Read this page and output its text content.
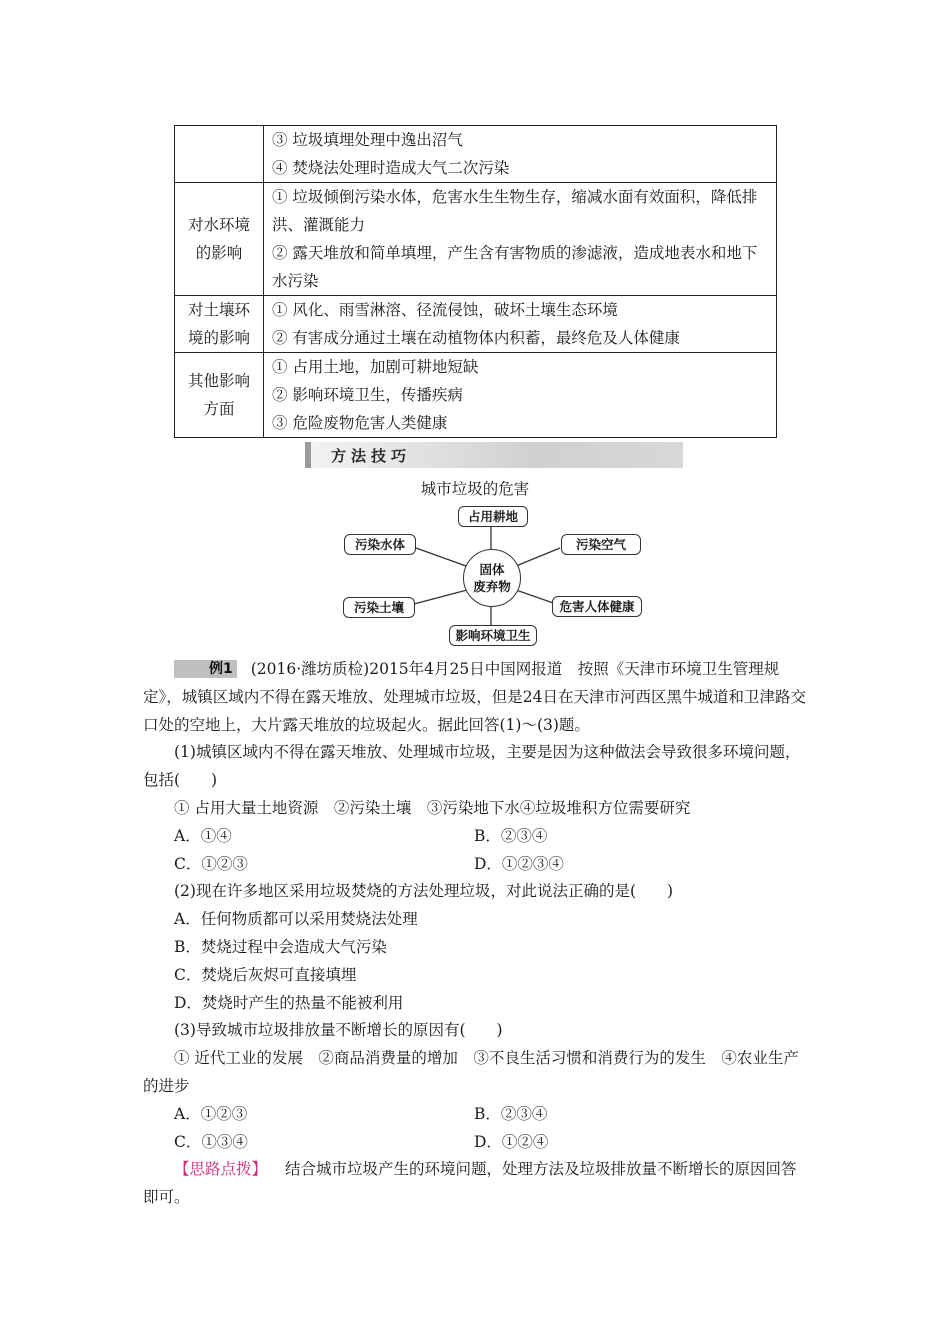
	③ 垃圾填埋处理中逸出沼气
④ 焚烧法处理时造成大气二次污染

对水环境的影响	① 垃圾倾倒污染水体，危害水生生物生存，缩减水面有效面积，降低排洪、灌溉能力
② 露天堆放和简单填埋，产生含有害物质的渗滤液，造成地表水和地下水污染

对土壤环境的影响	① 风化、雨雪淋溶、径流侵蚀，破坏土壤生态环境
② 有害成分通过土壤在动植物体内积蓄，最终危及人体健康

其他影响方面	① 占用土地，加剧可耕地短缺
② 影响环境卫生，传播疾病
③ 危险废物危害人类健康
方法技巧
城市垃圾的危害
占用耕地
污染水体	污染空气
污染土壤	危害人体健康
影响环境卫生
固体
废弃物
例1 (2016·潍坊质检)2015年4月25日中国网报道　按照《天津市环境卫生管理规定》，城镇区域内不得在露天堆放、处理城市垃圾，但是24日在天津市河西区黑牛城道和卫津路交口处的空地上，大片露天堆放的垃圾起火。据此回答(1)～(3)题。
(1)城镇区域内不得在露天堆放、处理城市垃圾，主要是因为这种做法会导致很多环境问题，包括(　　)
① 占用大量土地资源　②污染土壤　③污染地下水④垃圾堆积方位需要研究
A．①④	B．②③④
C．①②③	D．①②③④
(2)现在许多地区采用垃圾焚烧的方法处理垃圾，对此说法正确的是(　　)
A．任何物质都可以采用焚烧法处理
B．焚烧过程中会造成大气污染
C．焚烧后灰烬可直接填埋
D．焚烧时产生的热量不能被利用
(3)导致城市垃圾排放量不断增长的原因有(　　)
① 近代工业的发展　②商品消费量的增加　③不良生活习惯和消费行为的发生　④农业生产的进步
A．①②③	B．②③④
C．①③④	D．①②④
【思路点拨】 结合城市垃圾产生的环境问题，处理方法及垃圾排放量不断增长的原因回答即可。
